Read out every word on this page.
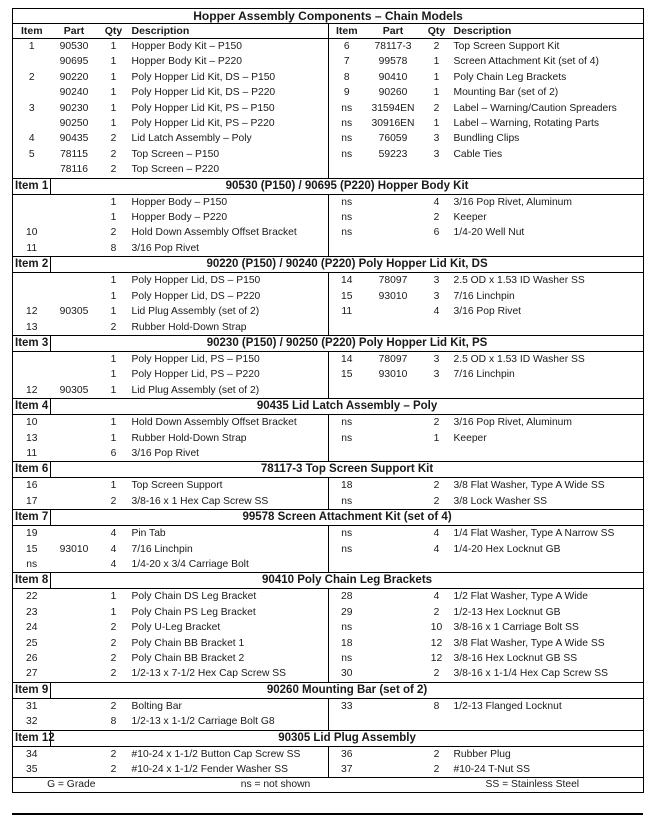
Hopper Assembly Components – Chain Models							
Item	Part	Qty	Description	Item	Part	Qty	Description
1	90530	1	Hopper Body Kit – P150	6	78117-3	2	Top Screen Support Kit
	90695	1	Hopper Body Kit – P220	7	99578	1	Screen Attachment Kit (set of 4)
2	90220	1	Poly Hopper Lid Kit, DS – P150	8	90410	1	Poly Chain Leg Brackets
	90240	1	Poly Hopper Lid Kit, DS – P220	9	90260	1	Mounting Bar (set of 2)
3	90230	1	Poly Hopper Lid Kit, PS – P150	ns	31594EN	2	Label – Warning/Caution Spreaders
	90250	1	Poly Hopper Lid Kit, PS – P220	ns	30916EN	1	Label – Warning, Rotating Parts
4	90435	2	Lid Latch Assembly – Poly	ns	76059	3	Bundling Clips
5	78115	2	Top Screen – P150	ns	59223	3	Cable Ties
	78116	2	Top Screen – P220				
Item 1	90530 (P150) / 90695 (P220) Hopper Body Kit						
		1	Hopper Body – P150	ns		4	3/16 Pop Rivet, Aluminum
		1	Hopper Body – P220	ns		2	Keeper
10		2	Hold Down Assembly Offset Bracket	ns		6	1/4-20 Well Nut
11		8	3/16 Pop Rivet				
Item 2	90220 (P150) / 90240 (P220) Poly Hopper Lid Kit, DS						
		1	Poly Hopper Lid, DS – P150	14	78097	3	2.5 OD x 1.53 ID Washer SS
		1	Poly Hopper Lid, DS – P220	15	93010	3	7/16 Linchpin
12	90305	1	Lid Plug Assembly (set of 2)	11		4	3/16 Pop Rivet
13		2	Rubber Hold-Down Strap				
Item 3	90230 (P150) / 90250 (P220) Poly Hopper Lid Kit, PS						
		1	Poly Hopper Lid, PS – P150	14	78097	3	2.5 OD x 1.53 ID Washer SS
		1	Poly Hopper Lid, PS – P220	15	93010	3	7/16 Linchpin
12	90305	1	Lid Plug Assembly (set of 2)				
Item 4	90435 Lid Latch Assembly – Poly						
10		1	Hold Down Assembly Offset Bracket	ns		2	3/16 Pop Rivet, Aluminum
13		1	Rubber Hold-Down Strap	ns		1	Keeper
11		6	3/16 Pop Rivet				
Item 6	78117-3 Top Screen Support Kit						
16		1	Top Screen Support	18		2	3/8 Flat Washer, Type A Wide SS
17		2	3/8-16 x 1 Hex Cap Screw SS	ns		2	3/8 Lock Washer SS
Item 7	99578 Screen Attachment Kit (set of 4)						
19		4	Pin Tab	ns		4	1/4 Flat Washer, Type A Narrow SS
15	93010	4	7/16 Linchpin	ns		4	1/4-20 Hex Locknut GB
ns		4	1/4-20 x 3/4 Carriage Bolt				
Item 8	90410 Poly Chain Leg Brackets						
22		1	Poly Chain DS Leg Bracket	28		4	1/2 Flat Washer, Type A Wide
23		1	Poly Chain PS Leg Bracket	29		2	1/2-13 Hex Locknut GB
24		2	Poly U-Leg Bracket	ns		10	3/8-16 x 1 Carriage Bolt SS
25		2	Poly Chain BB Bracket 1	18		12	3/8 Flat Washer, Type A Wide SS
26		2	Poly Chain BB Bracket 2	ns		12	3/8-16 Hex Locknut GB SS
27		2	1/2-13 x 7-1/2 Hex Cap Screw SS	30		2	3/8-16 x 1-1/4 Hex Cap Screw SS
Item 9	90260 Mounting Bar (set of 2)						
31		2	Bolting Bar	33		8	1/2-13 Flanged Locknut
32		8	1/2-13 x 1-1/2 Carriage Bolt G8				
Item 12	90305 Lid Plug Assembly						
34		2	#10-24 x 1-1/2 Button Cap Screw SS	36		2	Rubber Plug
35		2	#10-24 x 1-1/2 Fender Washer SS	37		2	#10-24 T-Nut SS
G = Grade			ns = not shown			SS = Stainless Steel	
